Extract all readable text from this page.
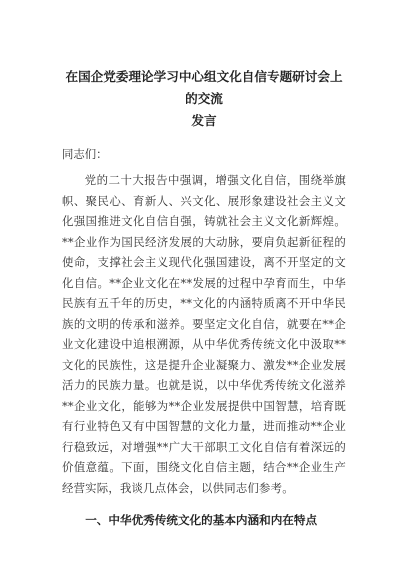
在国企党委理论学习中心组文化自信专题研讨会上的交流
发言

同志们：

党的二十大报告中强调，增强文化自信，围绕举旗帜、聚民心、育新人、兴文化、展形象建设社会主义文化强国推进文化自信自强，铸就社会主义文化新辉煌。**企业作为国民经济发展的大动脉，要肩负起新征程的使命，支撑社会主义现代化强国建设，离不开坚定的文化自信。**企业文化在**发展的过程中孕育而生，中华民族有五千年的历史，**文化的内涵特质离不开中华民族的文明的传承和滋养。要坚定文化自信，就要在**企业文化建设中追根溯源，从中华优秀传统文化中汲取**文化的民族性，这是提升企业凝聚力、激发**企业发展活力的民族力量。也就是说，以中华优秀传统文化滋养**企业文化，能够为**企业发展提供中国智慧，培育既有行业特色又有中国智慧的文化力量，进而推动**企业行稳致远，对增强**广大干部职工文化自信有着深远的价值意蕴。下面，围绕文化自信主题，结合**企业生产经营实际，我谈几点体会，以供同志们参考。

一、中华优秀传统文化的基本内涵和内在特点
